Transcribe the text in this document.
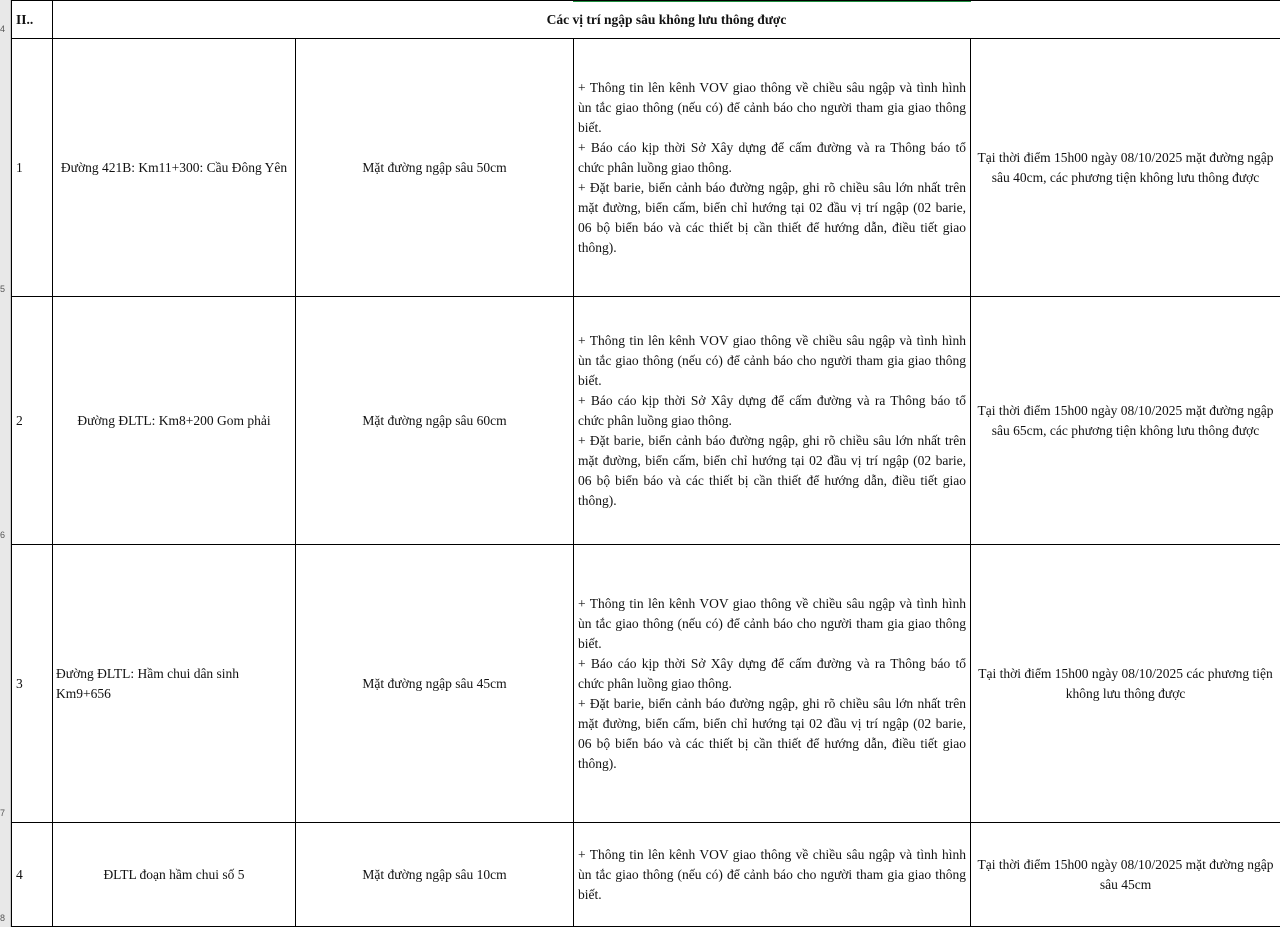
4
5
6
7
8
II..	Các vị trí ngập sâu không lưu thông được			
1	Đường 421B: Km11+300: Cầu Đông Yên	Mặt đường ngập sâu 50cm	+ Thông tin lên kênh VOV giao thông về chiều sâu ngập và tình hình ùn tắc giao thông (nếu có) để cảnh báo cho người tham gia giao thông biết.
+ Báo cáo kịp thời Sở Xây dựng để cấm đường và ra Thông báo tổ chức phân luồng giao thông.
+ Đặt barie, biển cảnh báo đường ngập, ghi rõ chiều sâu lớn nhất trên mặt đường, biển cấm, biển chỉ hướng tại 02 đầu vị trí ngập (02 barie, 06 bộ biển báo và các thiết bị cần thiết để hướng dẫn, điều tiết giao thông).	Tại thời điểm 15h00 ngày 08/10/2025 mặt đường ngập sâu 40cm, các phương tiện không lưu thông được
2	Đường ĐLTL: Km8+200 Gom phải	Mặt đường ngập sâu 60cm	+ Thông tin lên kênh VOV giao thông về chiều sâu ngập và tình hình ùn tắc giao thông (nếu có) để cảnh báo cho người tham gia giao thông biết.
+ Báo cáo kịp thời Sở Xây dựng để cấm đường và ra Thông báo tổ chức phân luồng giao thông.
+ Đặt barie, biển cảnh báo đường ngập, ghi rõ chiều sâu lớn nhất trên mặt đường, biển cấm, biển chỉ hướng tại 02 đầu vị trí ngập (02 barie, 06 bộ biển báo và các thiết bị cần thiết để hướng dẫn, điều tiết giao thông).	Tại thời điểm 15h00 ngày 08/10/2025 mặt đường ngập sâu 65cm, các phương tiện không lưu thông được
3	Đường ĐLTL: Hầm chui dân sinh Km9+656	Mặt đường ngập sâu 45cm	+ Thông tin lên kênh VOV giao thông về chiều sâu ngập và tình hình ùn tắc giao thông (nếu có) để cảnh báo cho người tham gia giao thông biết.
+ Báo cáo kịp thời Sở Xây dựng để cấm đường và ra Thông báo tổ chức phân luồng giao thông.
+ Đặt barie, biển cảnh báo đường ngập, ghi rõ chiều sâu lớn nhất trên mặt đường, biển cấm, biển chỉ hướng tại 02 đầu vị trí ngập (02 barie, 06 bộ biển báo và các thiết bị cần thiết để hướng dẫn, điều tiết giao thông).	Tại thời điểm 15h00 ngày 08/10/2025 các phương tiện không lưu thông được
4	ĐLTL đoạn hầm chui số 5	Mặt đường ngập sâu 10cm	+ Thông tin lên kênh VOV giao thông về chiều sâu ngập và tình hình ùn tắc giao thông (nếu có) để cảnh báo cho người tham gia giao thông biết.	Tại thời điểm 15h00 ngày 08/10/2025 mặt đường ngập sâu 45cm
